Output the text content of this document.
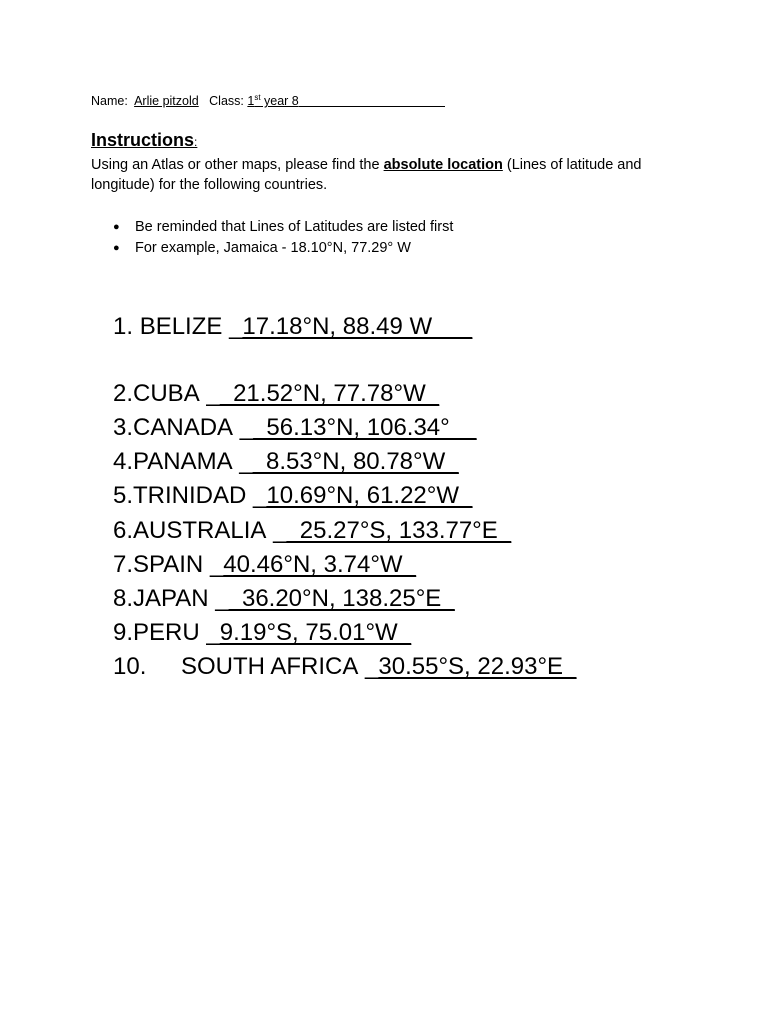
Name: Arlie pitzold Class: 1st year 8
Instructions:
Using an Atlas or other maps, please find the absolute location (Lines of latitude and longitude) for the following countries.
● Be reminded that Lines of Latitudes are listed first
● For example, Jamaica - 18.10°N, 77.29° W
1. BELIZE _17.18°N, 88.49 W___
2.CUBA __21.52°N, 77.78°W_
3.CANADA __56.13°N, 106.34°__
4.PANAMA __8.53°N, 80.78°W_
5.TRINIDAD _10.69°N, 61.22°W_
6.AUSTRALIA __25.27°S, 133.77°E_
7.SPAIN _40.46°N, 3.74°W_
8.JAPAN __36.20°N, 138.25°E_
9.PERU _9.19°S, 75.01°W_
10. SOUTH AFRICA _30.55°S, 22.93°E_
